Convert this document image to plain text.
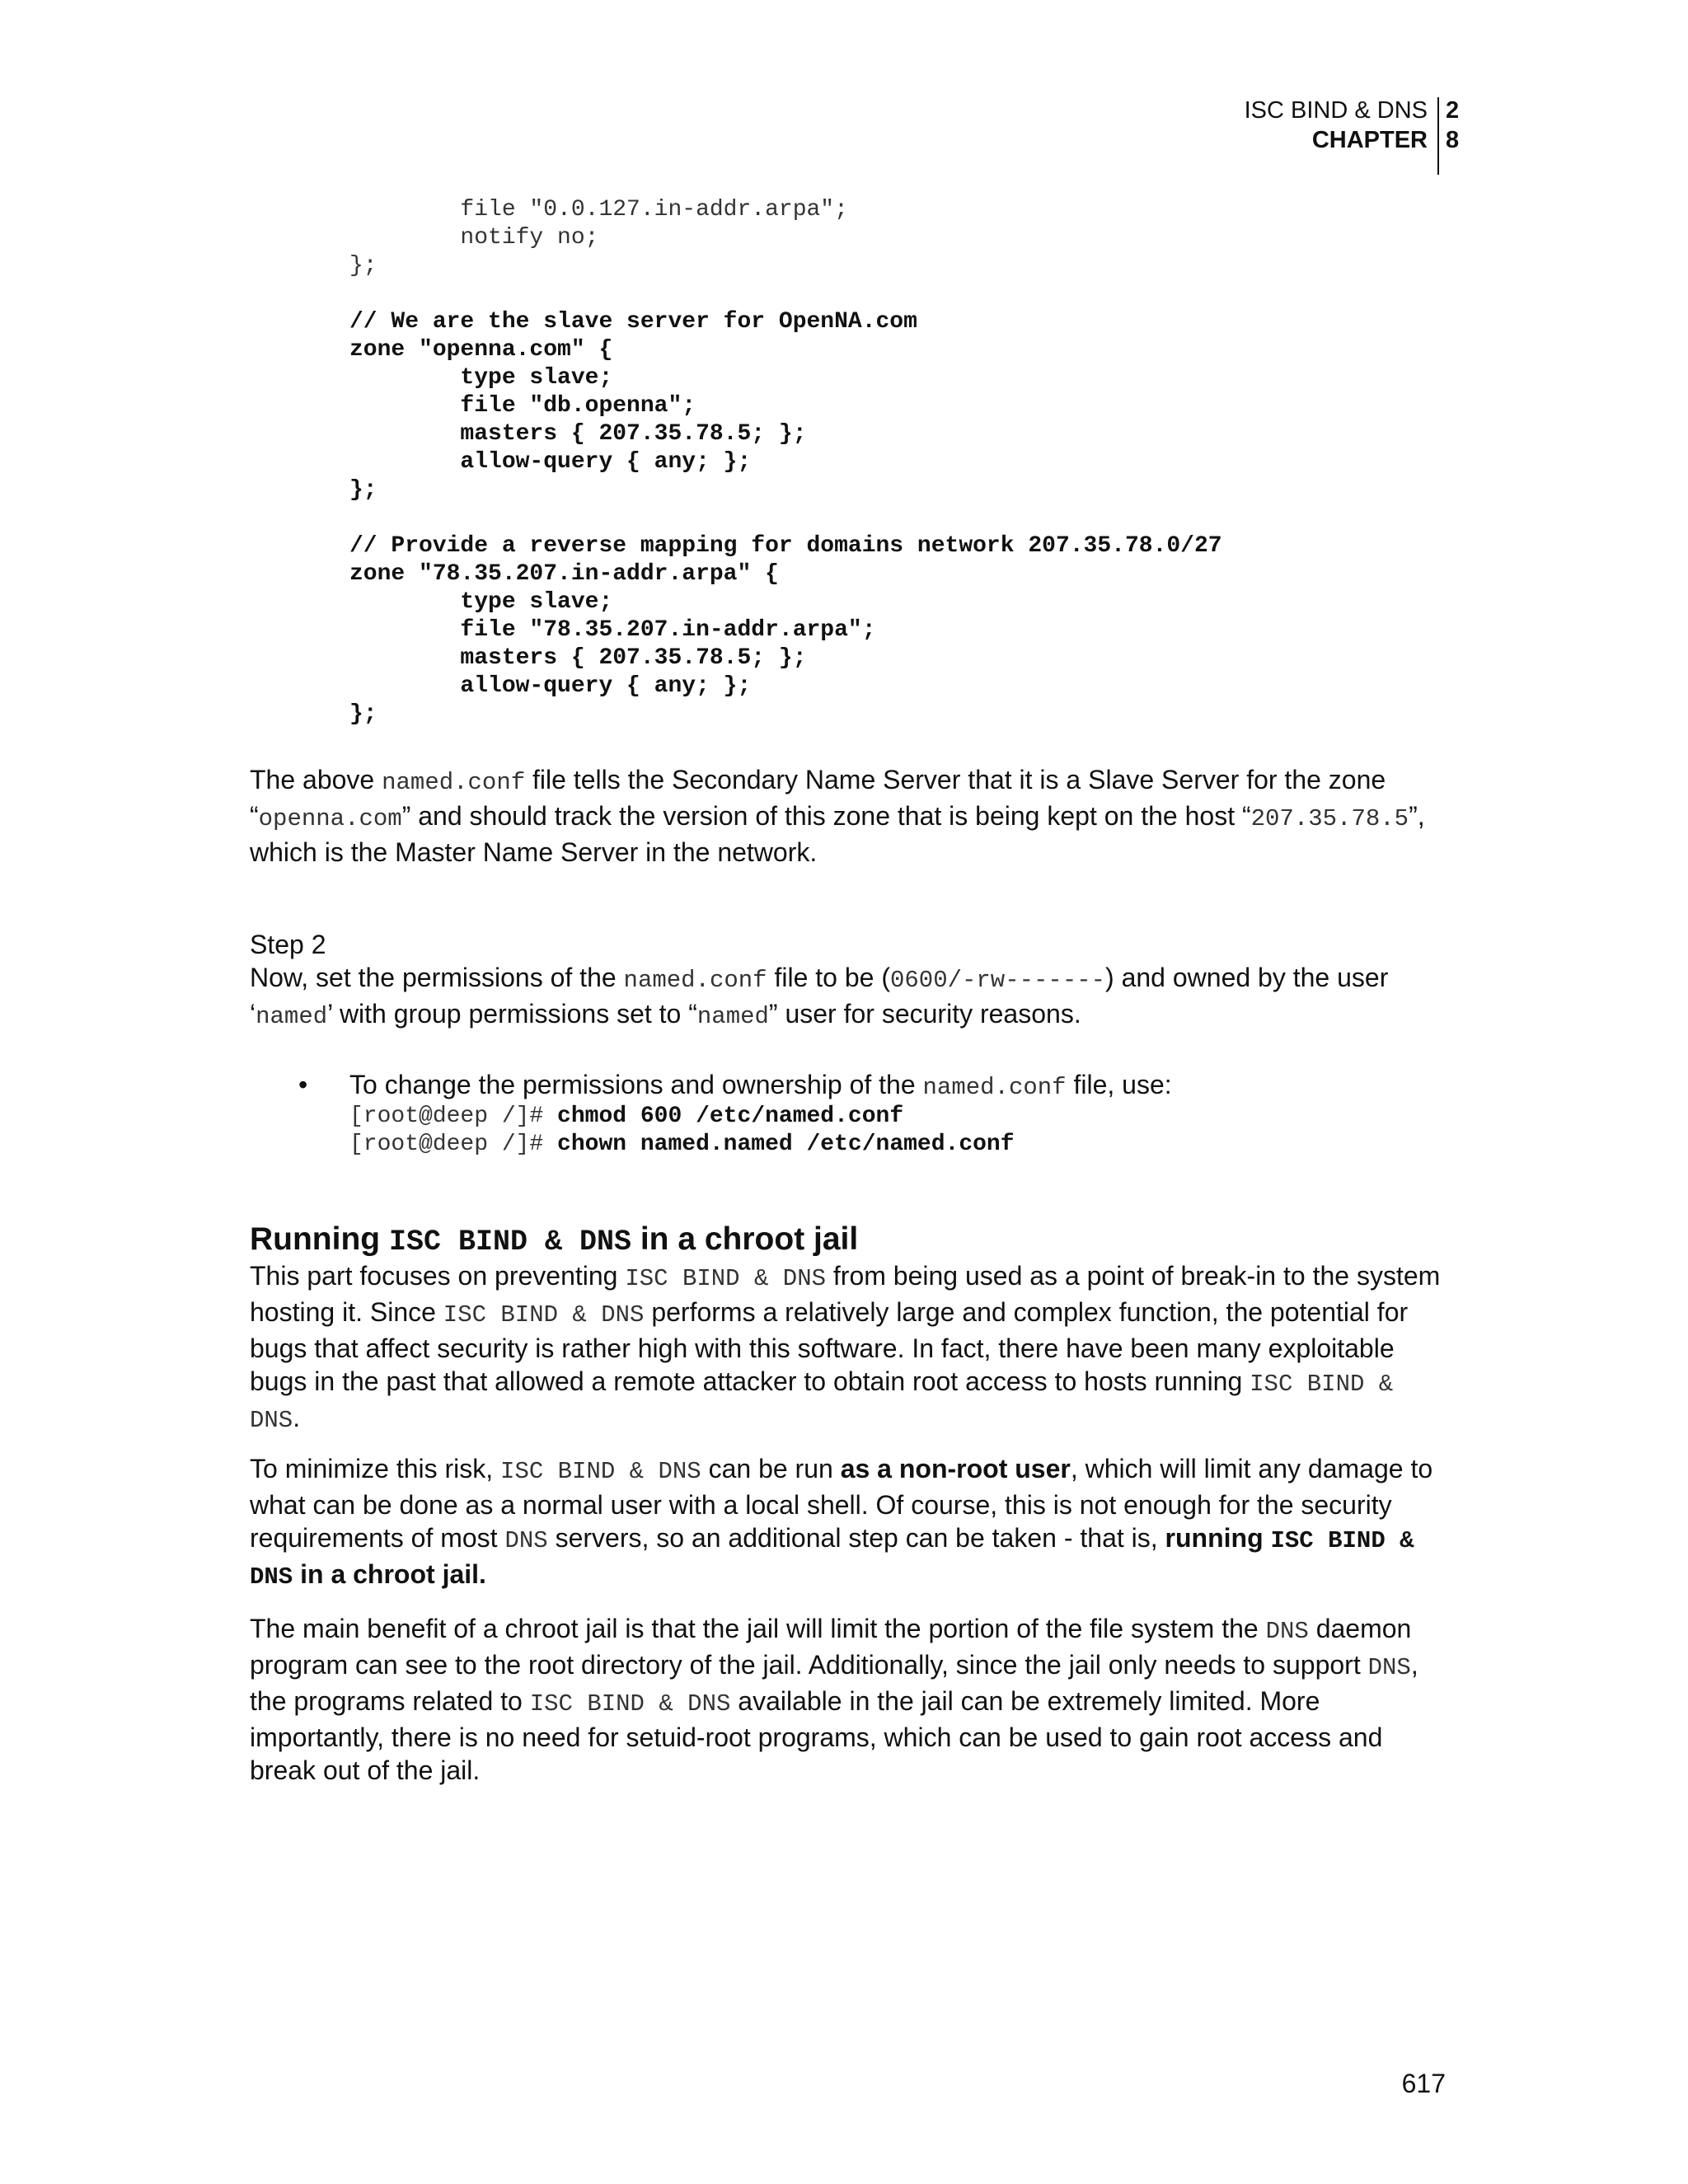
ISC BIND & DNS
CHAPTER
2
8
file "0.0.127.in-addr.arpa";
notify no;
};
// We are the slave server for OpenNA.com
zone "openna.com" {
type slave;
file "db.openna";
masters { 207.35.78.5; };
allow-query { any; };
};

// Provide a reverse mapping for domains network 207.35.78.0/27
zone "78.35.207.in-addr.arpa" {
type slave;
file "78.35.207.in-addr.arpa";
masters { 207.35.78.5; };
allow-query { any; };
};
The above named.conf file tells the Secondary Name Server that it is a Slave Server for the zone “openna.com” and should track the version of this zone that is being kept on the host “207.35.78.5”, which is the Master Name Server in the network.
Step 2
Now, set the permissions of the named.conf file to be (0600/-rw-------) and owned by the user ‘named’ with group permissions set to “named” user for security reasons.
• To change the permissions and ownership of the named.conf file, use:
[root@deep /]# chmod 600 /etc/named.conf
[root@deep /]# chown named.named /etc/named.conf
Running ISC BIND & DNS in a chroot jail
This part focuses on preventing ISC BIND & DNS from being used as a point of break-in to the system hosting it. Since ISC BIND & DNS performs a relatively large and complex function, the potential for bugs that affect security is rather high with this software. In fact, there have been many exploitable bugs in the past that allowed a remote attacker to obtain root access to hosts running ISC BIND & DNS.
To minimize this risk, ISC BIND & DNS can be run as a non-root user, which will limit any damage to what can be done as a normal user with a local shell. Of course, this is not enough for the security requirements of most DNS servers, so an additional step can be taken - that is, running ISC BIND & DNS in a chroot jail.
The main benefit of a chroot jail is that the jail will limit the portion of the file system the DNS daemon program can see to the root directory of the jail. Additionally, since the jail only needs to support DNS, the programs related to ISC BIND & DNS available in the jail can be extremely limited. More importantly, there is no need for setuid-root programs, which can be used to gain root access and break out of the jail.
617
